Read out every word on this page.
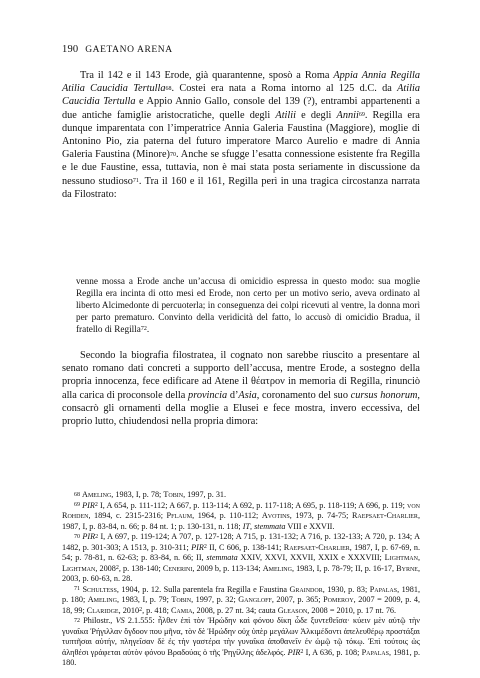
190 GAETANO ARENA
Tra il 142 e il 143 Erode, già quarantenne, sposò a Roma Appia Annia Regilla Atilia Caucidia Tertulla$^{68}$. Costei era nata a Roma intorno al 125 d.C. da Atilia Caucidia Tertulla e Appio Annio Gallo, console del 139 (?), entrambi appartenenti a due antiche famiglie aristocratiche, quelle degli Atilii e degli Annii$^{69}$. Regilla era dunque imparentata con l’imperatrice Annia Galeria Faustina (Maggiore), moglie di Antonino Pio, zia paterna del futuro imperatore Marco Aurelio e madre di Annia Galeria Faustina (Minore)$^{70}$. Anche se sfugge l’esatta connessione esistente fra Regilla e le due Faustine, essa, tuttavia, non è mai stata posta seriamente in discussione da nessuno studioso$^{71}$. Tra il 160 e il 161, Regilla perì in una tragica circostanza narrata da Filostrato:
venne mossa a Erode anche un’accusa di omicidio espressa in questo modo: sua moglie Regilla era incinta di otto mesi ed Erode, non certo per un motivo serio, aveva ordinato al liberto Alcimedonte di percuoterla; in conseguenza dei colpi ricevuti al ventre, la donna morì per parto prematuro. Convinto della veridicità del fatto, lo accusò di omicidio Bradua, il fratello di Regilla$^{72}$.
Secondo la biografia filostratea, il cognato non sarebbe riuscito a presentare al senato romano dati concreti a supporto dell’accusa, mentre Erode, a sostegno della propria innocenza, fece edificare ad Atene il θέατρον in memoria di Regilla, rinunciò alla carica di proconsole della provincia d’Asia, coronamento del suo cursus honorum, consacrò gli ornamenti della moglie a Elusei e fece mostra, invero eccessiva, del proprio lutto, chiudendosi nella propria dimora:
$^{68}$ Ameling, 1983, I, p. 78; Tobin, 1997, p. 31.
$^{69}$ PIR$^2$ I, A 654, p. 111-112; A 667, p. 113-114; A 692, p. 117-118; A 695, p. 118-119; A 696, p. 119; von Rohden, 1894, c. 2315-2316; Pflaum, 1964, p. 110-112; Avotins, 1973, p. 74-75; Raepsaet-Charlier, 1987, I, p. 83-84, n. 66; p. 84 nt. 1; p. 130-131, n. 118; IT, stemmata VIII e XXVII.
$^{70}$ PIR$^2$ I, A 697, p. 119-124; A 707, p. 127-128; A 715, p. 131-132; A 716, p. 132-133; A 720, p. 134; A 1482, p. 301-303; A 1513, p. 310-311; PIR$^2$ II, C 606, p. 138-141; Raepsaet-Charlier, 1987, I, p. 67-69, n. 54; p. 78-81, n. 62-63; p. 83-84, n. 66; II, stemmata XXIV, XXVI, XXVII, XXIX e XXXVIII; Lightman, Lightman, 2008$^2$, p. 138-140; Cenerini, 2009 b, p. 113-134; Ameling, 1983, I, p. 78-79; II, p. 16-17, Byrne, 2003, p. 60-63, n. 28.
$^{71}$ Schultess, 1904, p. 12. Sulla parentela fra Regilla e Faustina Graindor, 1930, p. 83; Papalas, 1981, p. 180; Ameling, 1983, I, p. 79; Tobin, 1997, p. 32; Gangloff, 2007, p. 365; Pomeroy, 2007 = 2009, p. 4, 18, 99; Claridge, 2010$^2$, p. 418; Camia, 2008, p. 27 nt. 34; cauta Gleason, 2008 = 2010, p. 17 nt. 76.
$^{72}$ Philostr., VS 2.1.555: ἧλθεν ἐπὶ τὸν Ἡρώδην καὶ φόνου δίκη ὧδε ξυντεθεῖσα· κύειν μὲν αὐτῷ τὴν γυναῖκα Ῥήγιλλαν ὄγδοον που μῆνα, τὸν δὲ Ἡρώδην οὐχ ὑπὲρ μεγάλων Ἀλκιμέδοντι ἀπελευθέρῳ προστάξαι τυπτῆσαι αὐτήν, πληγεῖσαν δὲ ἐς τὴν γαστέρα τὴν γυναῖκα ἀποθανεῖν ἐν ὠμῷ τῷ τόκῳ. Ἐπὶ τούτοις ὡς ἀληθέσι γράφεται αὐτὸν φόνου Βραδούας ὁ τῆς Ῥηγίλλης ἀδελφός. PIR$^2$ I, A 636, p. 108; Papalas, 1981, p. 180.
